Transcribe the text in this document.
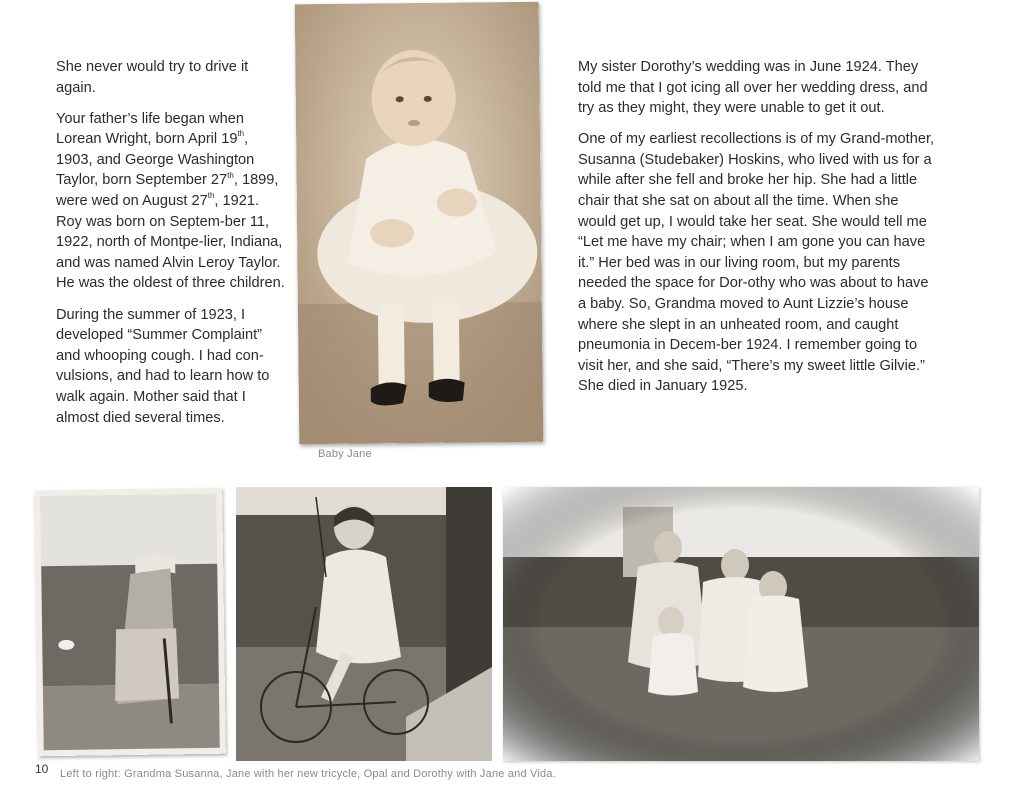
She never would try to drive it again.

Your father’s life began when Lorean Wright, born April 19th, 1903, and George Washington Taylor, born September 27th, 1899, were wed on August 27th, 1921. Roy was born on Septem-ber 11, 1922, north of Montpe-lier, Indiana, and was named Alvin Leroy Taylor. He was the oldest of three children.

During the summer of 1923, I developed “Summer Complaint” and whooping cough. I had con-vulsions, and had to learn how to walk again. Mother said that I almost died several times.

Baby Jane

My sister Dorothy’s wedding was in June 1924. They told me that I got icing all over her wedding dress, and try as they might, they were unable to get it out.

One of my earliest recollections is of my Grand-mother, Susanna (Studebaker) Hoskins, who lived with us for a while after she fell and broke her hip. She had a little chair that she sat on about all the time. When she would get up, I would take her seat. She would tell me “Let me have my chair; when I am gone you can have it.” Her bed was in our living room, but my parents needed the space for Dor-othy who was about to have a baby. So, Grandma moved to Aunt Lizzie’s house where she slept in an unheated room, and caught pneumonia in Decem-ber 1924. I remember going to visit her, and she said, “There’s my sweet little Gilvie.” She died in January 1925.

10 Left to right: Grandma Susanna, Jane with her new tricycle, Opal and Dorothy with Jane and Vida.
